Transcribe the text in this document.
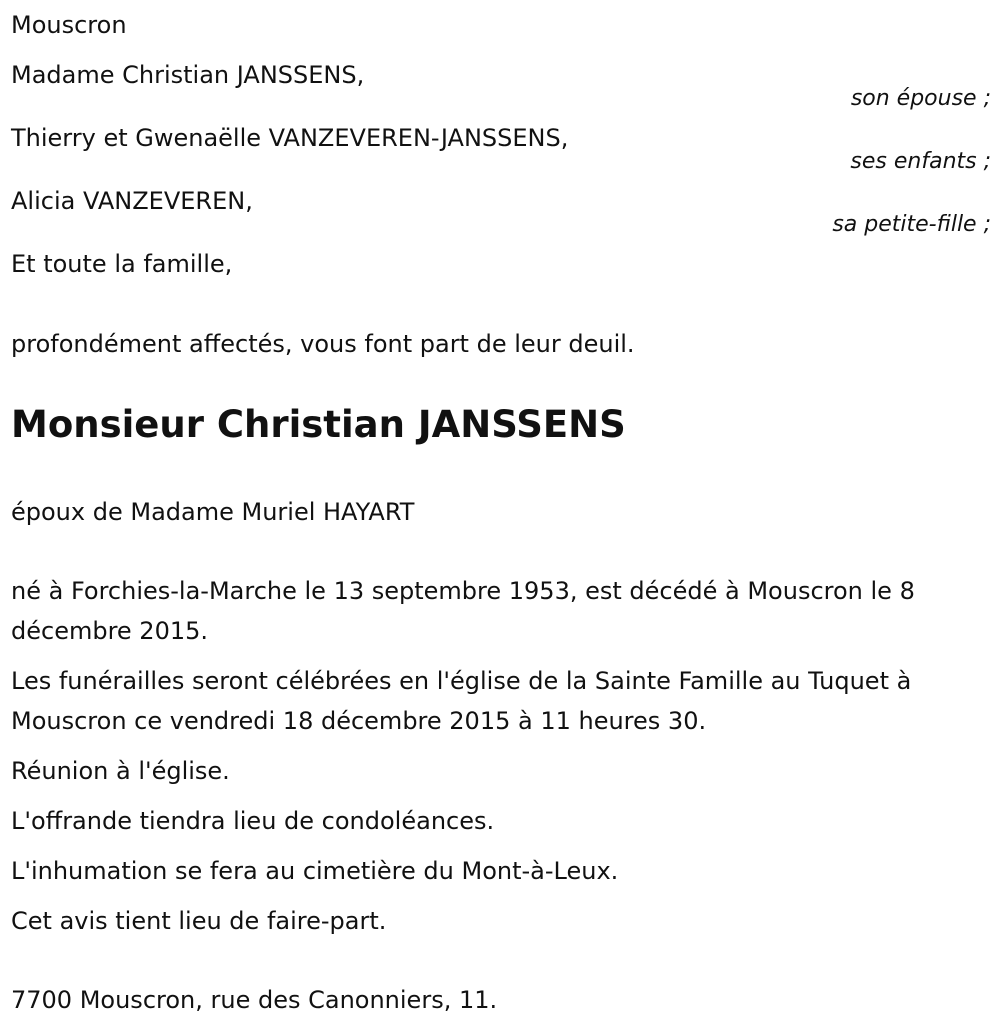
Mouscron
Madame Christian JANSSENS,
son épouse ;
Thierry et Gwenaëlle VANZEVEREN-JANSSENS,
ses enfants ;
Alicia VANZEVEREN,
sa petite-fille ;
Et toute la famille,
profondément affectés, vous font part de leur deuil.
Monsieur Christian JANSSENS
époux de Madame Muriel HAYART
né à Forchies-la-Marche le 13 septembre 1953, est décédé à Mouscron le 8 décembre 2015.
Les funérailles seront célébrées en l'église de la Sainte Famille au Tuquet à Mouscron ce vendredi 18 décembre 2015 à 11 heures 30.
Réunion à l'église.
L'offrande tiendra lieu de condoléances.
L'inhumation se fera au cimetière du Mont-à-Leux.
Cet avis tient lieu de faire-part.
7700 Mouscron, rue des Canonniers, 11.
